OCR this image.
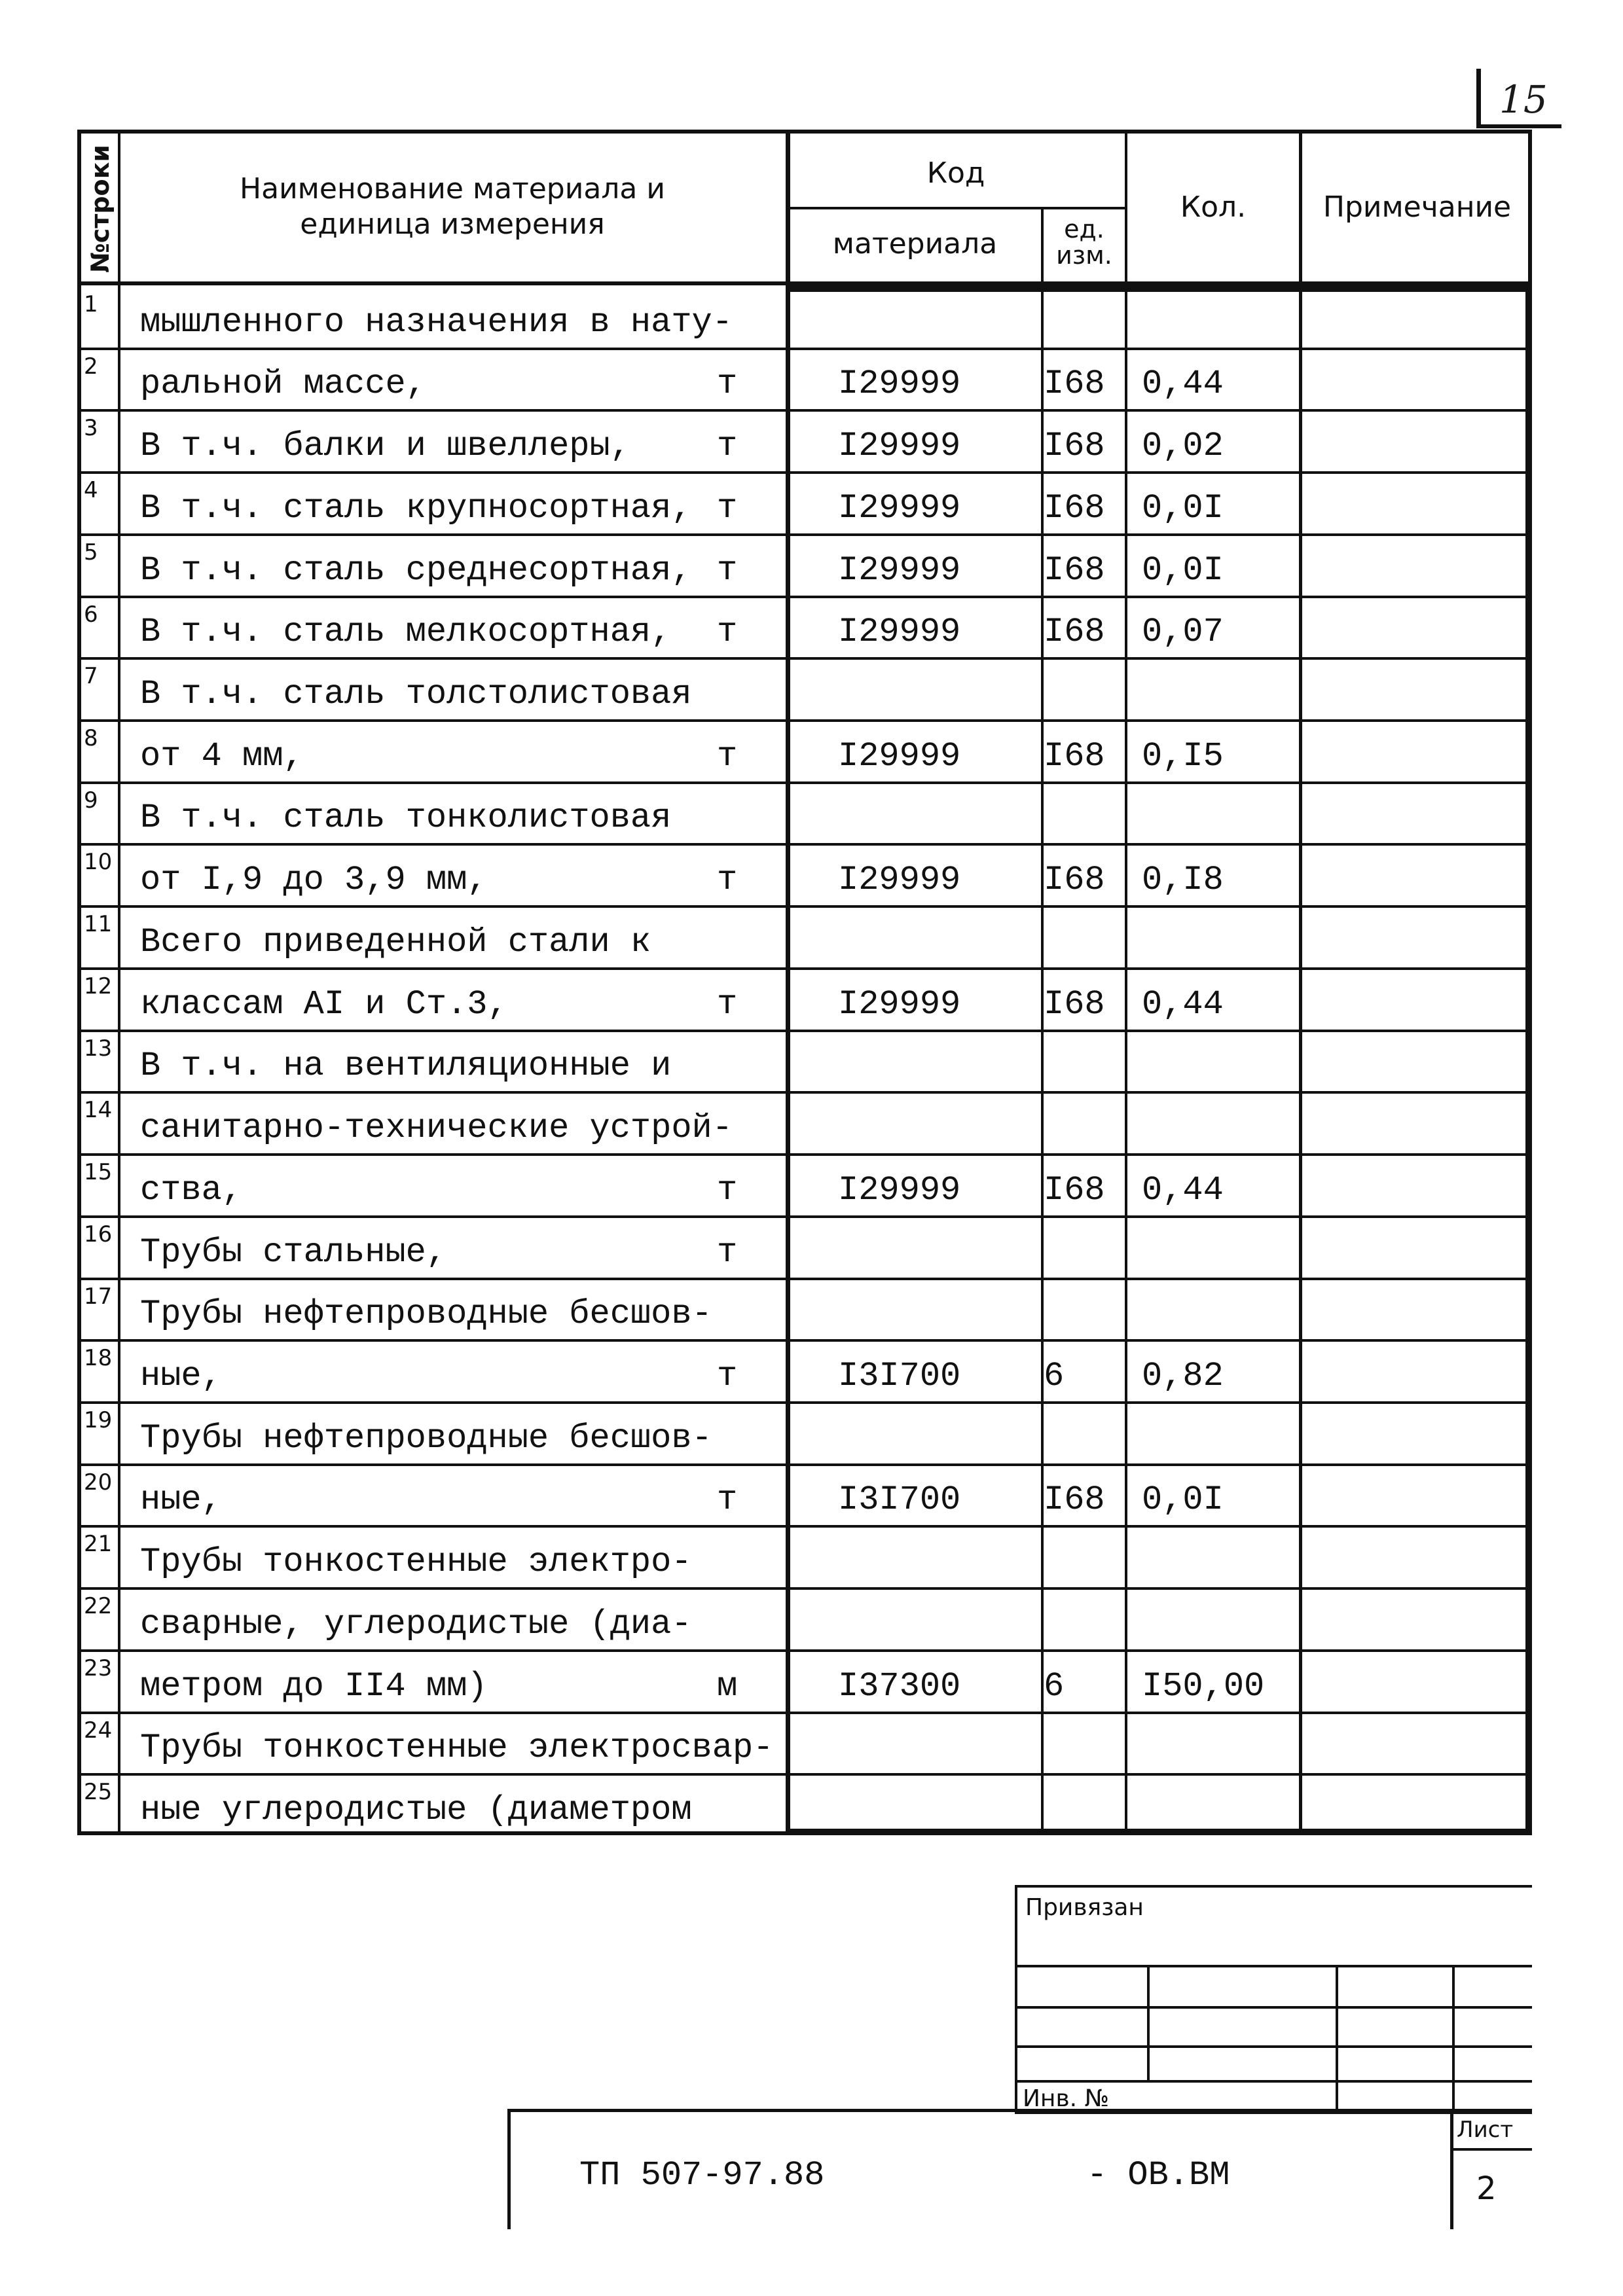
15
№строки	Наименование материала и
единица измерения
Код
материала	ед.
изм.
Кол.	Примечание
1 мышленного назначения в нату-
2 ральной массе,	т	I29999 I68 0,44
3 В т.ч. балки и швеллеры,	т	I29999 I68 0,02
4 В т.ч. сталь крупносортная, т	I29999 I68 0,0I
5 В т.ч. сталь среднесортная, т	I29999 I68 0,0I
6 В т.ч. сталь мелкосортная, т	I29999 I68 0,07
7 В т.ч. сталь толстолистовая
8 от 4 мм,	т	I29999 I68 0,I5
9 В т.ч. сталь тонколистовая
10 от I,9 до 3,9 мм,	т	I29999 I68 0,I8
11 Всего приведенной стали к
12 классам AI и Ст.3,	т	I29999 I68 0,44
13 В т.ч. на вентиляционные и
14 санитарно-технические устрой-
15 ства,	т	I29999 I68 0,44
16 Трубы стальные,	т
17 Трубы нефтепроводные бесшов-
18 ные,	т	I3I700 6 0,82
19 Трубы нефтепроводные бесшов-
20 ные,	т	I3I700 I68 0,0I
21 Трубы тонкостенные электро-
22 сварные, углеродистые (диа-
23 метром до II4 мм)	м	I37300 6 I50,00
24 Трубы тонкостенные электросвар-
25 ные углеродистые (диаметром
Привязан
Инв. №
ТП 507-97.88	- ОВ.ВМ
Лист
2
